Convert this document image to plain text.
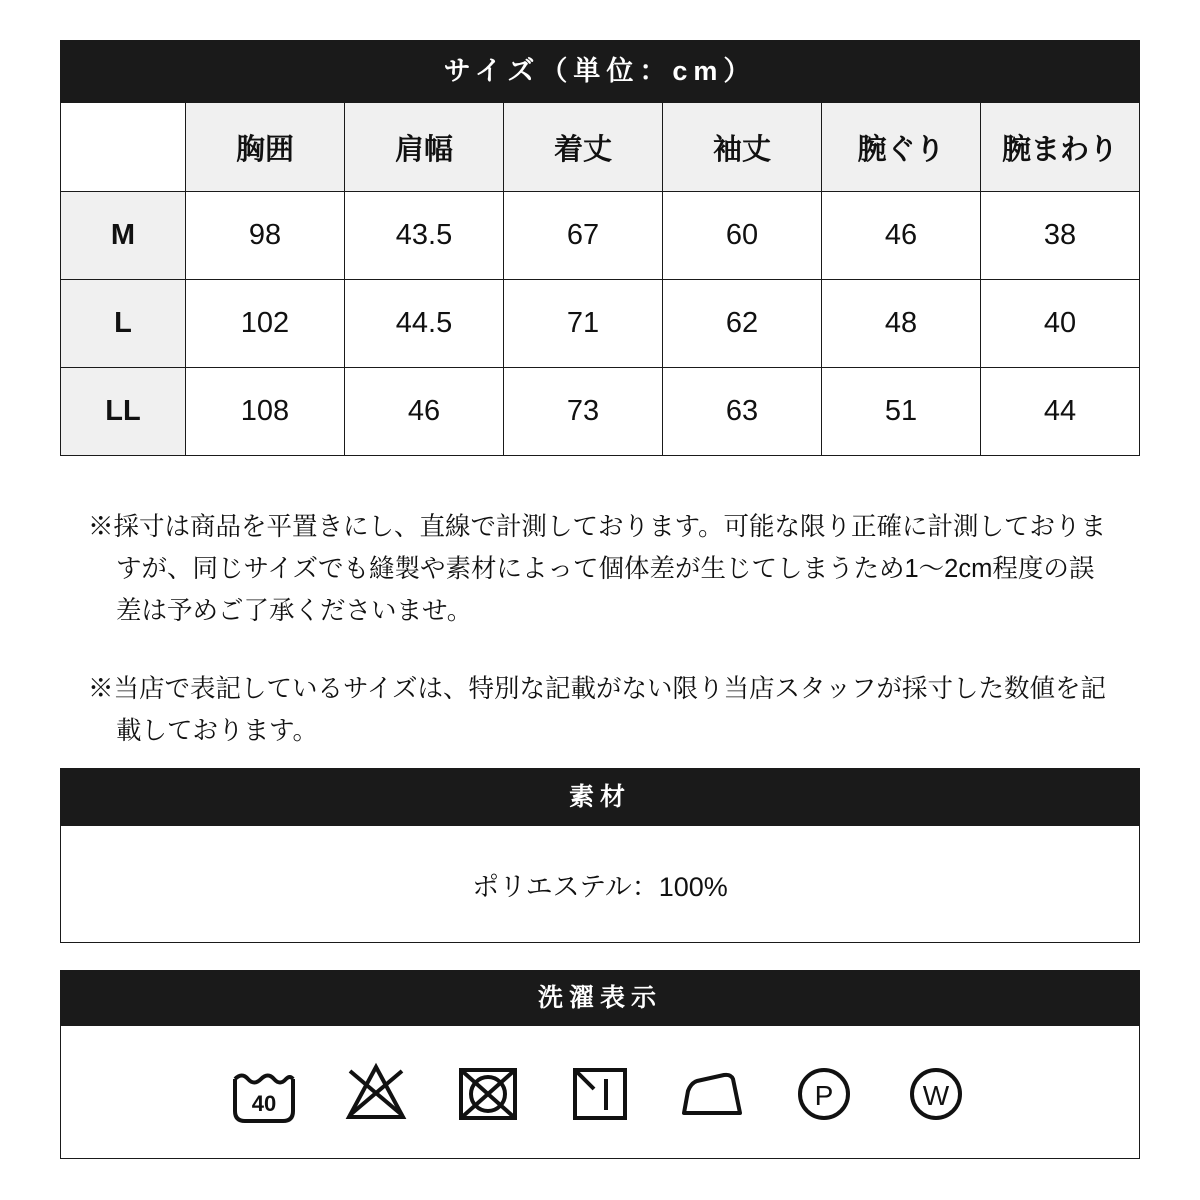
サイズ（単位：cm）
	胸囲	肩幅	着丈	袖丈	腕ぐり	腕まわり
M	98	43.5	67	60	46	38
L	102	44.5	71	62	48	40
LL	108	46	73	63	51	44

※採寸は商品を平置きにし、直線で計測しております。可能な限り正確に計測しておりますが、同じサイズでも縫製や素材によって個体差が生じてしまうため1〜2cm程度の誤差は予めご了承くださいませ。

※当店で表記しているサイズは、特別な記載がない限り当店スタッフが採寸した数値を記載しております。

素材
ポリエステル：100%
洗濯表示
40	P	W
